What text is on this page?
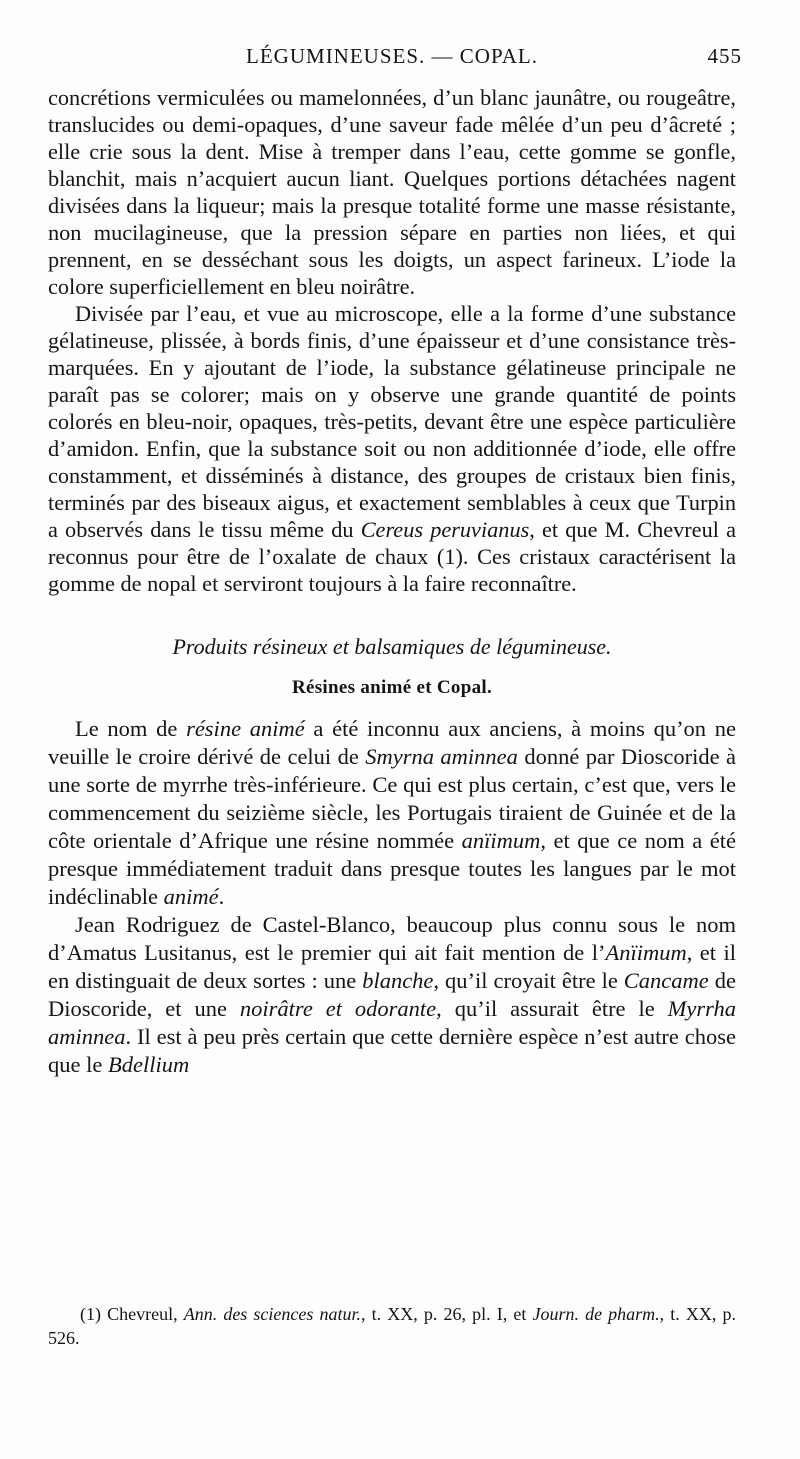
LÉGUMINEUSES. — COPAL.	455

concrétions vermiculées ou mamelonnées, d’un blanc jaunâtre, ou rougeâtre, translucides ou demi-opaques, d’une saveur fade mêlée d’un peu d’âcreté ; elle crie sous la dent. Mise à tremper dans l’eau, cette gomme se gonfle, blanchit, mais n’acquiert aucun liant. Quelques portions détachées nagent divisées dans la liqueur; mais la presque totalité forme une masse résistante, non mucilagineuse, que la pression sépare en parties non liées, et qui prennent, en se desséchant sous les doigts, un aspect farineux. L’iode la colore superficiellement en bleu noirâtre.

Divisée par l’eau, et vue au microscope, elle a la forme d’une substance gélatineuse, plissée, à bords finis, d’une épaisseur et d’une consistance très-marquées. En y ajoutant de l’iode, la substance gélatineuse principale ne paraît pas se colorer; mais on y observe une grande quantité de points colorés en bleu-noir, opaques, très-petits, devant être une espèce particulière d’amidon. Enfin, que la substance soit ou non additionnée d’iode, elle offre constamment, et disséminés à distance, des groupes de cristaux bien finis, terminés par des biseaux aigus, et exactement semblables à ceux que Turpin a observés dans le tissu même du Cereus peruvianus, et que M. Chevreul a reconnus pour être de l’oxalate de chaux (1). Ces cristaux caractérisent la gomme de nopal et serviront toujours à la faire reconnaître.

Produits résineux et balsamiques de légumineuse.
Résines animé et Copal.

Le nom de résine animé a été inconnu aux anciens, à moins qu’on ne veuille le croire dérivé de celui de Smyrna aminnea donné par Dioscoride à une sorte de myrrhe très-inférieure. Ce qui est plus certain, c’est que, vers le commencement du seizième siècle, les Portugais tiraient de Guinée et de la côte orientale d’Afrique une résine nommée anïimum, et que ce nom a été presque immédiatement traduit dans presque toutes les langues par le mot indéclinable animé.

Jean Rodriguez de Castel-Blanco, beaucoup plus connu sous le nom d’Amatus Lusitanus, est le premier qui ait fait mention de l’Anïimum, et il en distinguait de deux sortes : une blanche, qu’il croyait être le Cancame de Dioscoride, et une noirâtre et odorante, qu’il assurait être le Myrrha aminnea. Il est à peu près certain que cette dernière espèce n’est autre chose que le Bdellium

(1) Chevreul, Ann. des sciences natur., t. XX, p. 26, pl. I, et Journ. de pharm., t. XX, p. 526.
